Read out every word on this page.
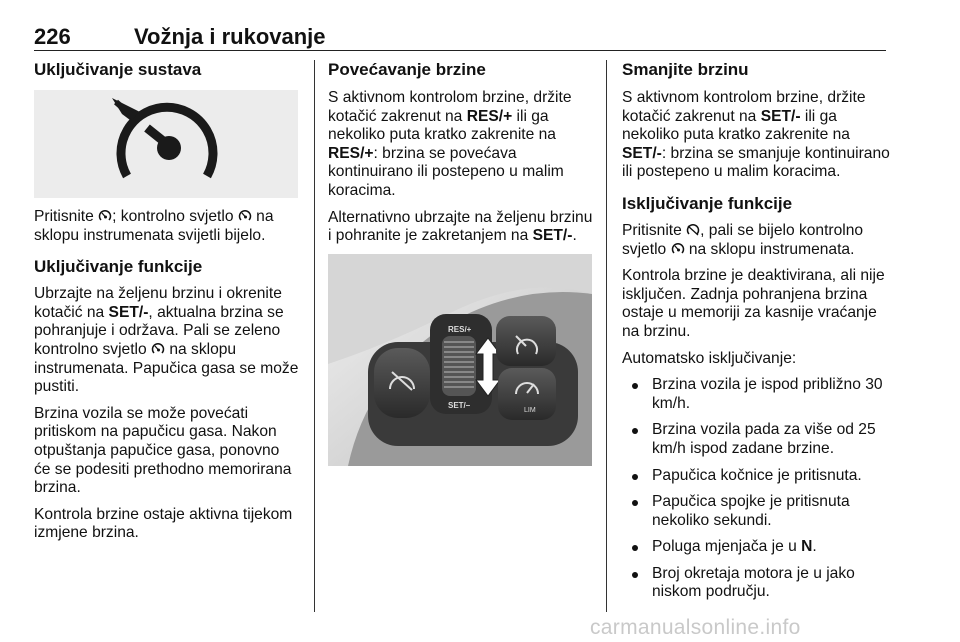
226	Vožnja i rukovanje
Uključivanje sustava

Pritisnite ; kontrolno svjetlo  na sklopu instrumenata svijetli bijelo.

Uključivanje funkcije

Ubrzajte na željenu brzinu i okrenite kotačić na SET/-, aktualna brzina se pohranjuje i održava. Pali se zeleno kontrolno svjetlo  na sklopu instrumenata. Papučica gasa se može pustiti.

Brzina vozila se može povećati pritiskom na papučicu gasa. Nakon otpuštanja papučice gasa, ponovno će se podesiti prethodno memorirana brzina.

Kontrola brzine ostaje aktivna tijekom izmjene brzina.

Povećavanje brzine

S aktivnom kontrolom brzine, držite kotačić zakrenut na RES/+ ili ga nekoliko puta kratko zakrenite na RES/+: brzina se povećava kontinuirano ili postepeno u malim koracima.

Alternativno ubrzajte na željenu brzinu i pohranite je zakretanjem na SET/-.

RES/+
SET/–
LIM
Smanjite brzinu

S aktivnom kontrolom brzine, držite kotačić zakrenut na SET/- ili ga nekoliko puta kratko zakrenite na SET/-: brzina se smanjuje kontinuirano ili postepeno u malim koracima.

Isključivanje funkcije

Pritisnite , pali se bijelo kontrolno svjetlo  na sklopu instrumenata.

Kontrola brzine je deaktivirana, ali nije isključen. Zadnja pohranjena brzina ostaje u memoriji za kasnije vraćanje na brzinu.

Automatsko isključivanje:

Brzina vozila je ispod približno 30 km/h.
Brzina vozila pada za više od 25 km/h ispod zadane brzine.
Papučica kočnice je pritisnuta.
Papučica spojke je pritisnuta nekoliko sekundi.
Poluga mjenjača je u N.
Broj okretaja motora je u jako niskom području.
carmanualsonline.info
